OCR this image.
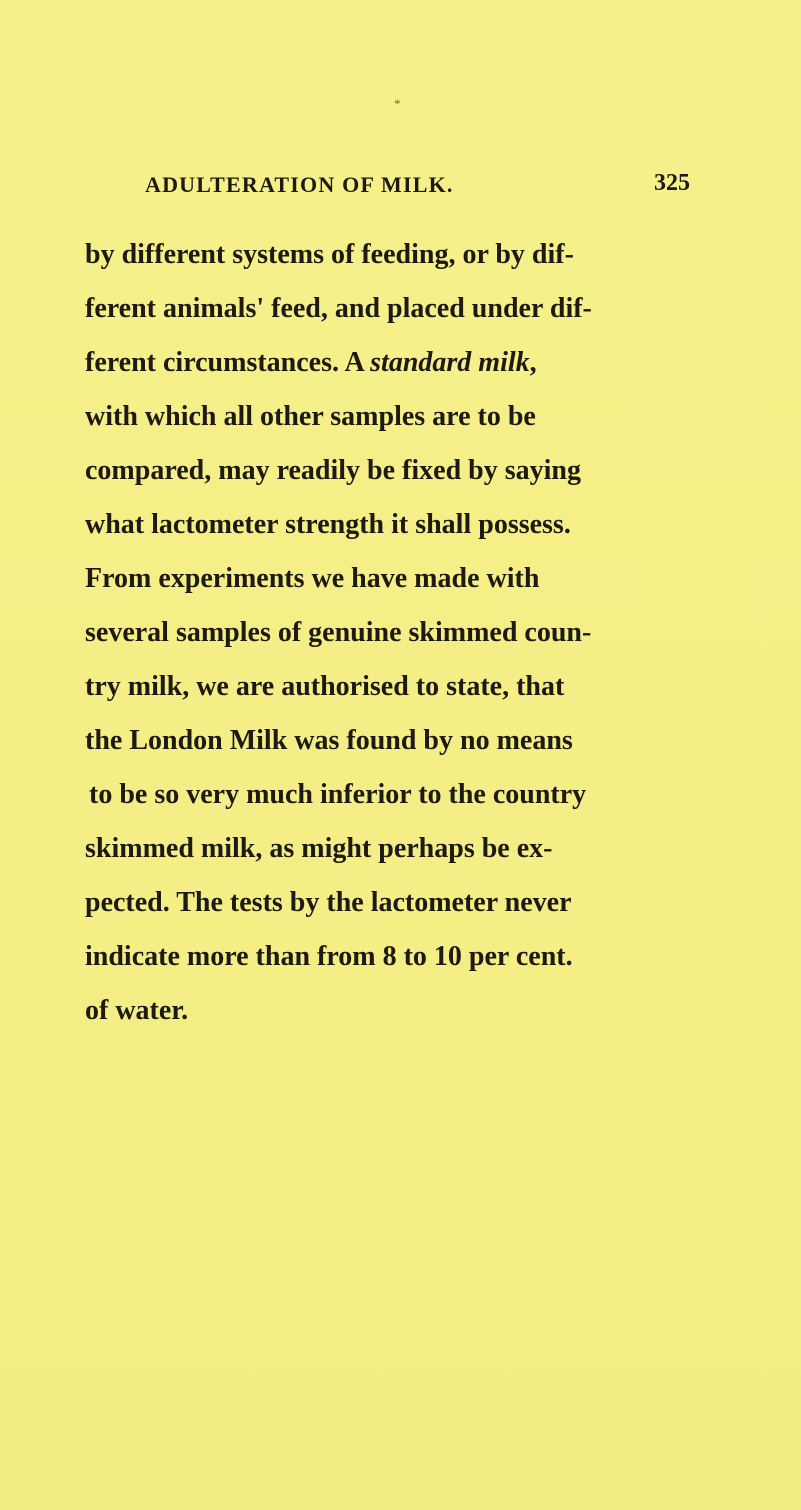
*
ADULTERATION OF MILK.	325
by different systems of feeding, or by dif-
ferent animals' feed, and placed under dif-
ferent circumstances. A standard milk,
with which all other samples are to be
compared, may readily be fixed by saying
what lactometer strength it shall possess.
From experiments we have made with
several samples of genuine skimmed coun-
try milk, we are authorised to state, that
the London Milk was found by no means
to be so very much inferior to the country
skimmed milk, as might perhaps be ex-
pected. The tests by the lactometer never
indicate more than from 8 to 10 per cent.
of water.
